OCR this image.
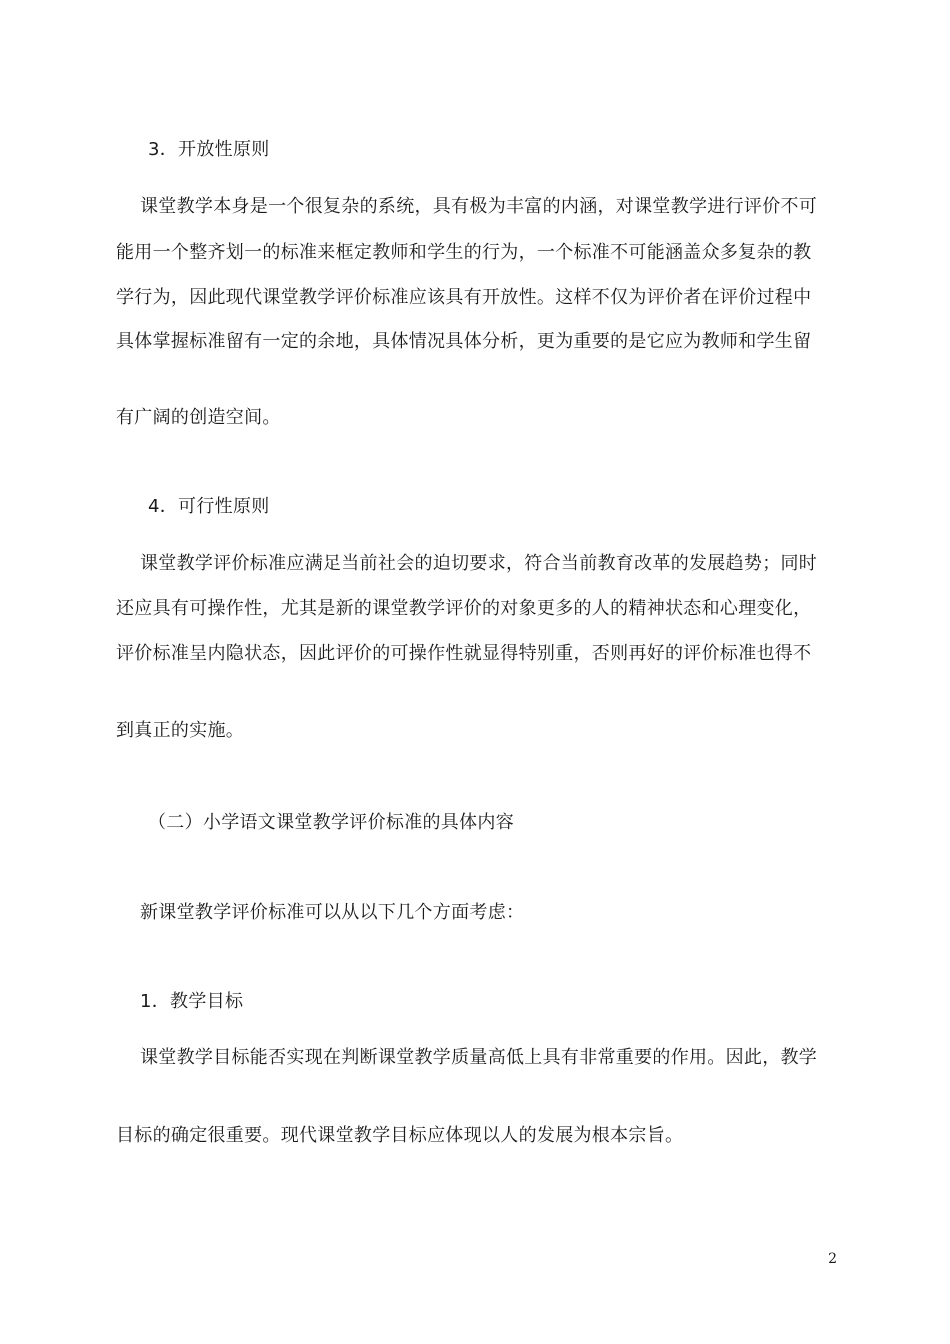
3．开放性原则
课堂教学本身是一个很复杂的系统，具有极为丰富的内涵，对课堂教学进行评价不可
能用一个整齐划一的标准来框定教师和学生的行为，一个标准不可能涵盖众多复杂的教
学行为，因此现代课堂教学评价标准应该具有开放性。这样不仅为评价者在评价过程中
具体掌握标准留有一定的余地，具体情况具体分析，更为重要的是它应为教师和学生留
有广阔的创造空间。
4．可行性原则
课堂教学评价标准应满足当前社会的迫切要求，符合当前教育改革的发展趋势；同时
还应具有可操作性，尤其是新的课堂教学评价的对象更多的人的精神状态和心理变化，
评价标准呈内隐状态，因此评价的可操作性就显得特别重，否则再好的评价标准也得不
到真正的实施。
（二）小学语文课堂教学评价标准的具体内容
新课堂教学评价标准可以从以下几个方面考虑：
1．教学目标
课堂教学目标能否实现在判断课堂教学质量高低上具有非常重要的作用。因此，教学
目标的确定很重要。现代课堂教学目标应体现以人的发展为根本宗旨。
2
